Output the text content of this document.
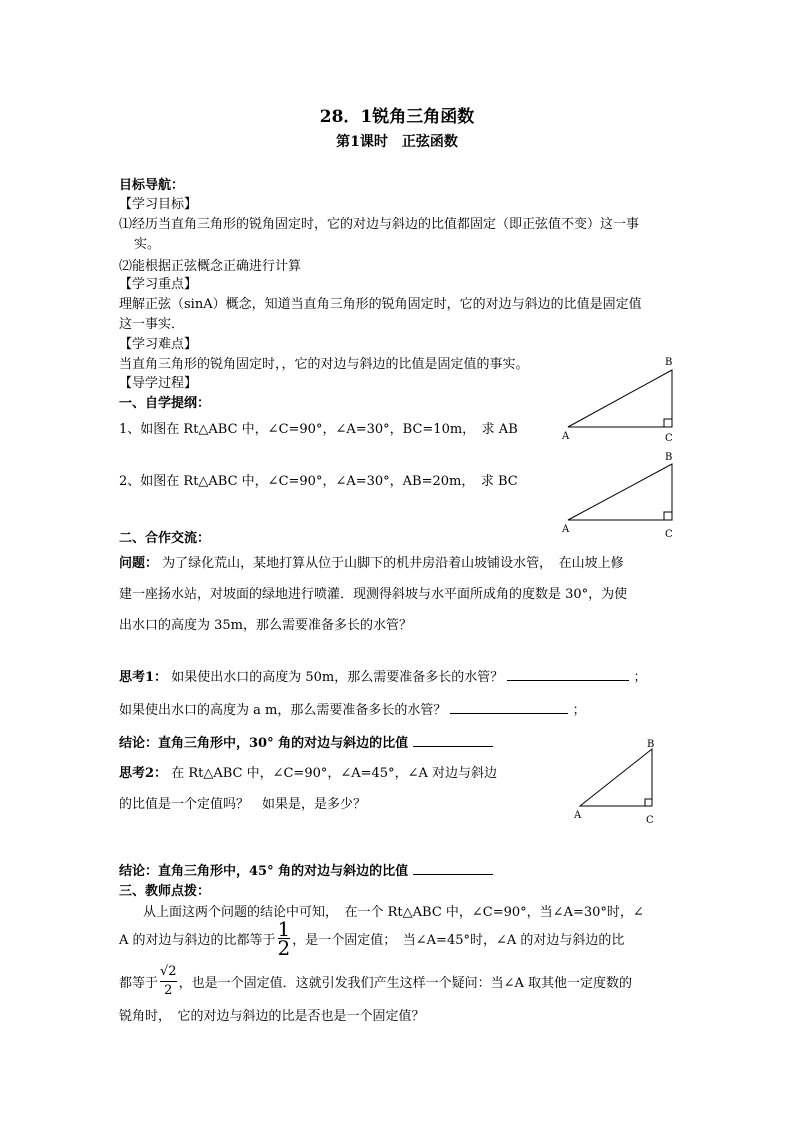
28．1锐角三角函数
第1课时　正弦函数
目标导航：
【学习目标】
⑴经历当直角三角形的锐角固定时，它的对边与斜边的比值都固定（即正弦值不变）这一事
实。
⑵能根据正弦概念正确进行计算
【学习重点】
理解正弦（sinA）概念，知道当直角三角形的锐角固定时，它的对边与斜边的比值是固定值
这一事实．
【学习难点】
当直角三角形的锐角固定时，，它的对边与斜边的比值是固定值的事实。
【导学过程】
一、自学提纲：
1、如图在 Rt△ABC 中，∠C=90°，∠A=30°，BC=10m，　求 AB
2、如图在 Rt△ABC 中，∠C=90°，∠A=30°，AB=20m，　求 BC
B
A	C
B
A	C
二、合作交流：
问题： 为了绿化荒山，某地打算从位于山脚下的机井房沿着山坡铺设水管，　在山坡上修
建一座扬水站，对坡面的绿地进行喷灌．现测得斜坡与水平面所成角的度数是 30°，为使
出水口的高度为 35m，那么需要准备多长的水管？
思考1： 如果使出水口的高度为 50m，那么需要准备多长的水管？	；
如果使出水口的高度为 a m，那么需要准备多长的水管？	；
结论：直角三角形中，30° 角的对边与斜边的比值
思考2： 在 Rt△ABC 中，∠C=90°，∠A=45°，∠A 对边与斜边
的比值是一个定值吗？　如果是，是多少？
B
A	C
结论：直角三角形中，45° 角的对边与斜边的比值
三、教师点拨：
从上面这两个问题的结论中可知，　在一个 Rt△ABC 中，∠C=90°，当∠A=30°时，∠
A 的对边与斜边的比都等于 $\frac{1}{2}$ ，是一个固定值；　当∠A=45°时，∠A 的对边与斜边的比
都等于 $\frac{√2}{2}$ ，也是一个固定值．这就引发我们产生这样一个疑问：当∠A 取其他一定度数的
锐角时，　它的对边与斜边的比是否也是一个固定值？
